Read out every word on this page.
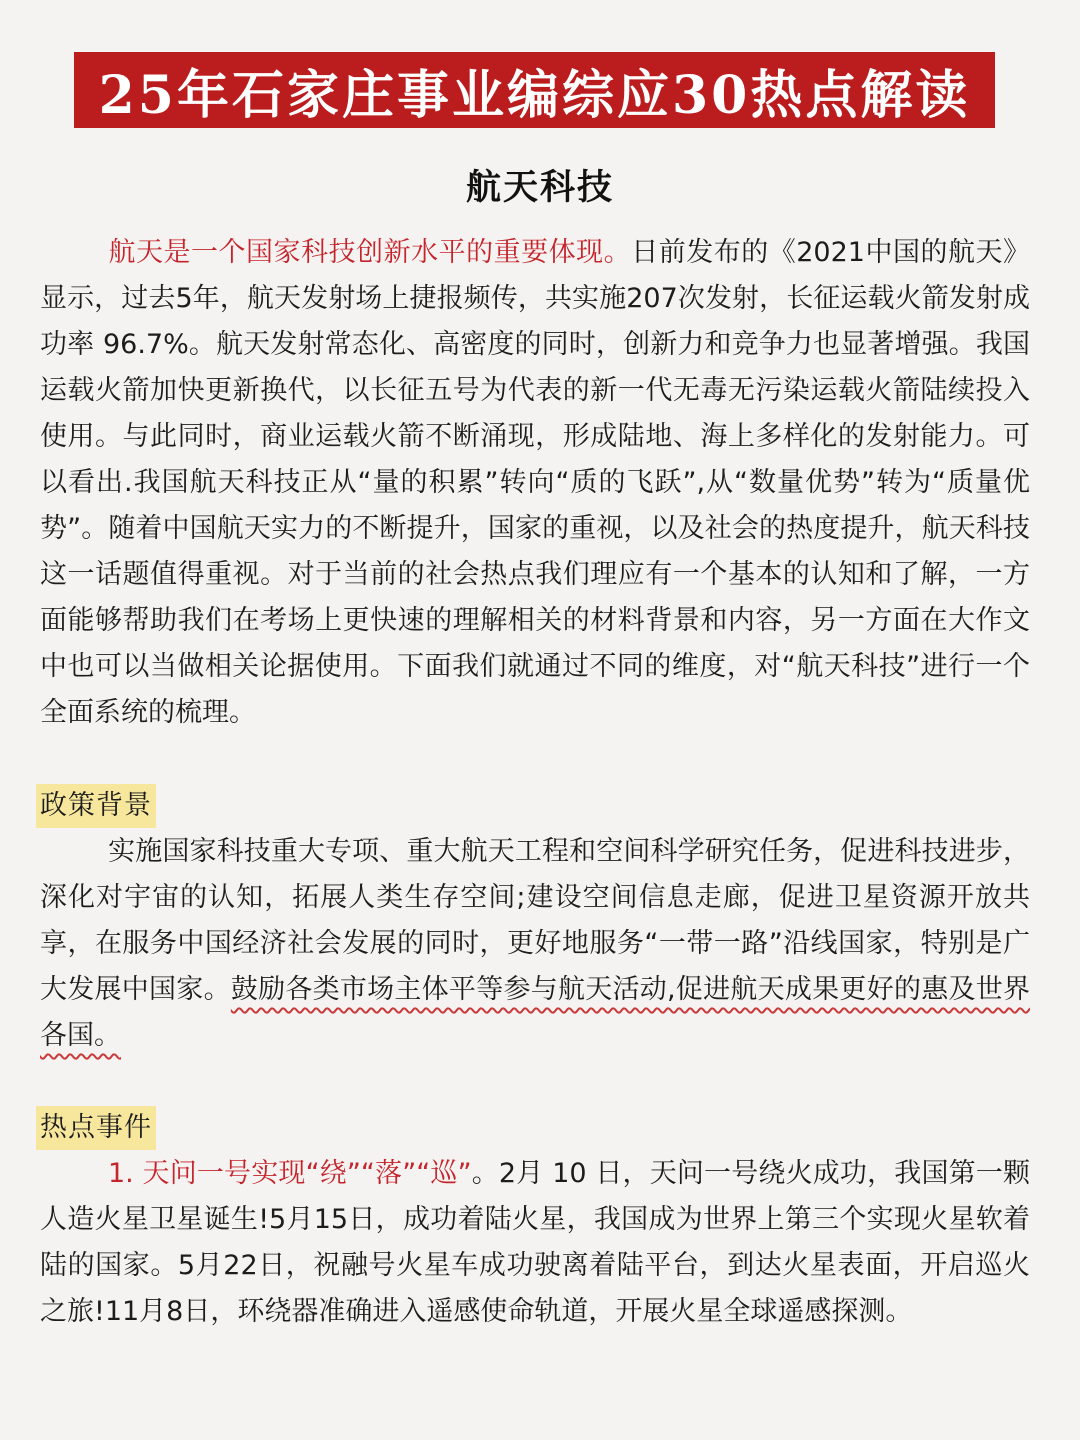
25年石家庄事业编综应30热点解读
航天科技

航天是一个国家科技创新水平的重要体现。日前发布的《2021中国的航天》显示，过去5年，航天发射场上捷报频传，共实施207次发射，长征运载火箭发射成功率 96.7%。航天发射常态化、高密度的同时，创新力和竞争力也显著增强。我国运载火箭加快更新换代，以长征五号为代表的新一代无毒无污染运载火箭陆续投入使用。与此同时，商业运载火箭不断涌现，形成陆地、海上多样化的发射能力。可以看出.我国航天科技正从“量的积累”转向“质的飞跃”,从“数量优势”转为“质量优势”。随着中国航天实力的不断提升，国家的重视，以及社会的热度提升，航天科技这一话题值得重视。对于当前的社会热点我们理应有一个基本的认知和了解，一方面能够帮助我们在考场上更快速的理解相关的材料背景和内容，另一方面在大作文中也可以当做相关论据使用。下面我们就通过不同的维度，对“航天科技”进行一个全面系统的梳理。

政策背景

实施国家科技重大专项、重大航天工程和空间科学研究任务，促进科技进步，深化对宇宙的认知，拓展人类生存空间;建设空间信息走廊，促进卫星资源开放共享，在服务中国经济社会发展的同时，更好地服务“一带一路”沿线国家，特别是广大发展中国家。鼓励各类市场主体平等参与航天活动,促进航天成果更好的惠及世界各国。

热点事件

1. 天问一号实现“绕”“落”“巡”。2月 10 日，天问一号绕火成功，我国第一颗人造火星卫星诞生!5月15日，成功着陆火星，我国成为世界上第三个实现火星软着陆的国家。5月22日，祝融号火星车成功驶离着陆平台，到达火星表面，开启巡火之旅!11月8日，环绕器准确进入遥感使命轨道，开展火星全球遥感探测。
